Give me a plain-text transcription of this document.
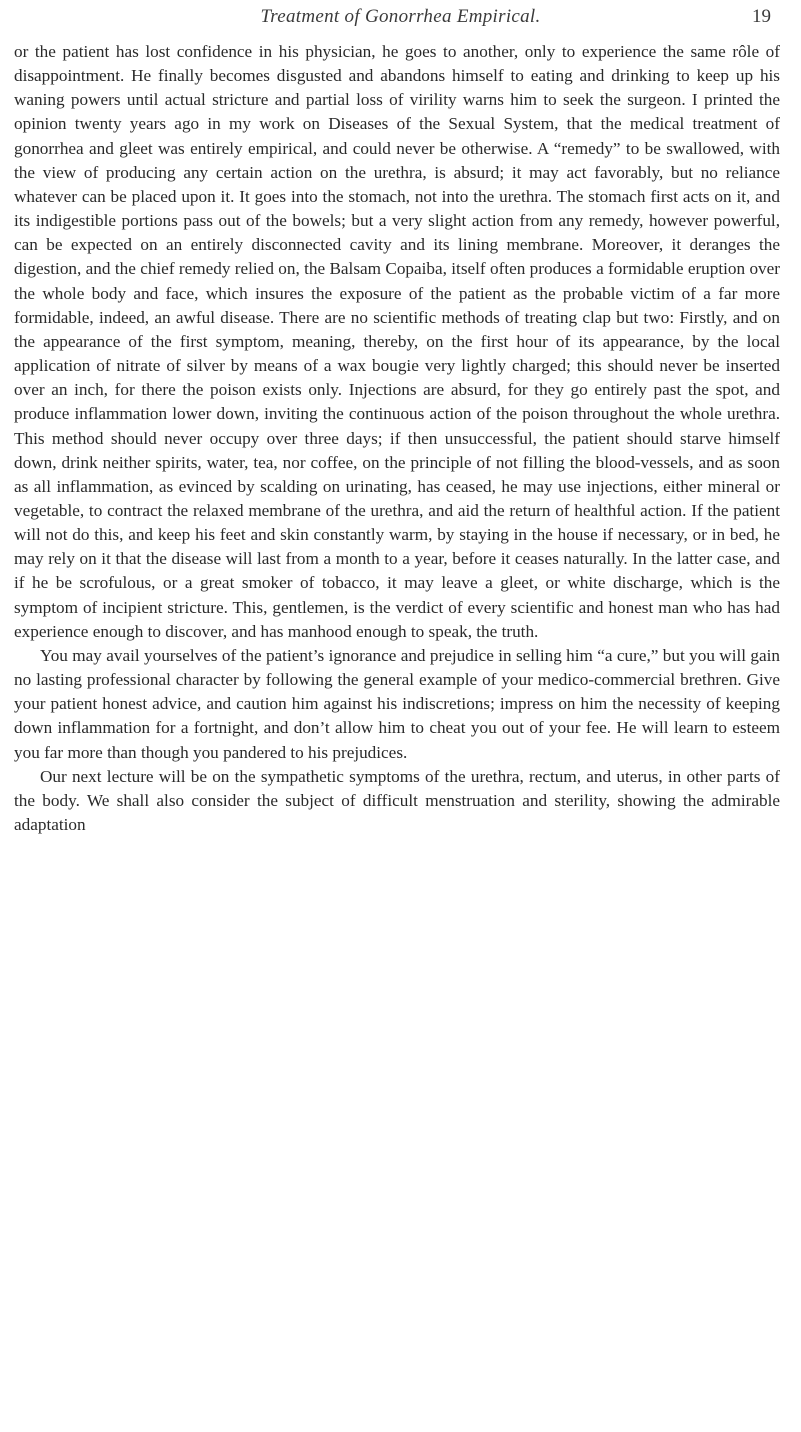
Treatment of Gonorrhea Empirical.	19

or the patient has lost confidence in his physician, he goes to another, only to experience the same rôle of disappointment. He finally becomes disgusted and abandons himself to eating and drinking to keep up his waning powers until actual stricture and partial loss of virility warns him to seek the surgeon. I printed the opinion twenty years ago in my work on Diseases of the Sexual System, that the medical treatment of gonorrhea and gleet was entirely empirical, and could never be otherwise. A “remedy” to be swallowed, with the view of producing any certain action on the urethra, is absurd; it may act favorably, but no reliance whatever can be placed upon it. It goes into the stomach, not into the urethra. The stomach first acts on it, and its indigestible portions pass out of the bowels; but a very slight action from any remedy, however powerful, can be expected on an entirely disconnected cavity and its lining membrane. Moreover, it deranges the digestion, and the chief remedy relied on, the Balsam Copaiba, itself often produces a formidable eruption over the whole body and face, which insures the exposure of the patient as the probable victim of a far more formidable, indeed, an awful disease. There are no scientific methods of treating clap but two: Firstly, and on the appearance of the first symptom, meaning, thereby, on the first hour of its appearance, by the local application of nitrate of silver by means of a wax bougie very lightly charged; this should never be inserted over an inch, for there the poison exists only. Injections are absurd, for they go entirely past the spot, and produce inflammation lower down, inviting the continuous action of the poison throughout the whole urethra. This method should never occupy over three days; if then unsuccessful, the patient should starve himself down, drink neither spirits, water, tea, nor coffee, on the principle of not filling the blood-vessels, and as soon as all inflammation, as evinced by scalding on urinating, has ceased, he may use injections, either mineral or vegetable, to contract the relaxed membrane of the urethra, and aid the return of healthful action. If the patient will not do this, and keep his feet and skin constantly warm, by staying in the house if necessary, or in bed, he may rely on it that the disease will last from a month to a year, before it ceases naturally. In the latter case, and if he be scrofulous, or a great smoker of tobacco, it may leave a gleet, or white discharge, which is the symptom of incipient stricture. This, gentlemen, is the verdict of every scientific and honest man who has had experience enough to discover, and has manhood enough to speak, the truth.

You may avail yourselves of the patient’s ignorance and prejudice in selling him “a cure,” but you will gain no lasting professional character by following the general example of your medico-commercial brethren. Give your patient honest advice, and caution him against his indiscretions; impress on him the necessity of keeping down inflammation for a fortnight, and don’t allow him to cheat you out of your fee. He will learn to esteem you far more than though you pandered to his prejudices.

Our next lecture will be on the sympathetic symptoms of the urethra, rectum, and uterus, in other parts of the body. We shall also consider the subject of difficult menstruation and sterility, showing the admirable adaptation
